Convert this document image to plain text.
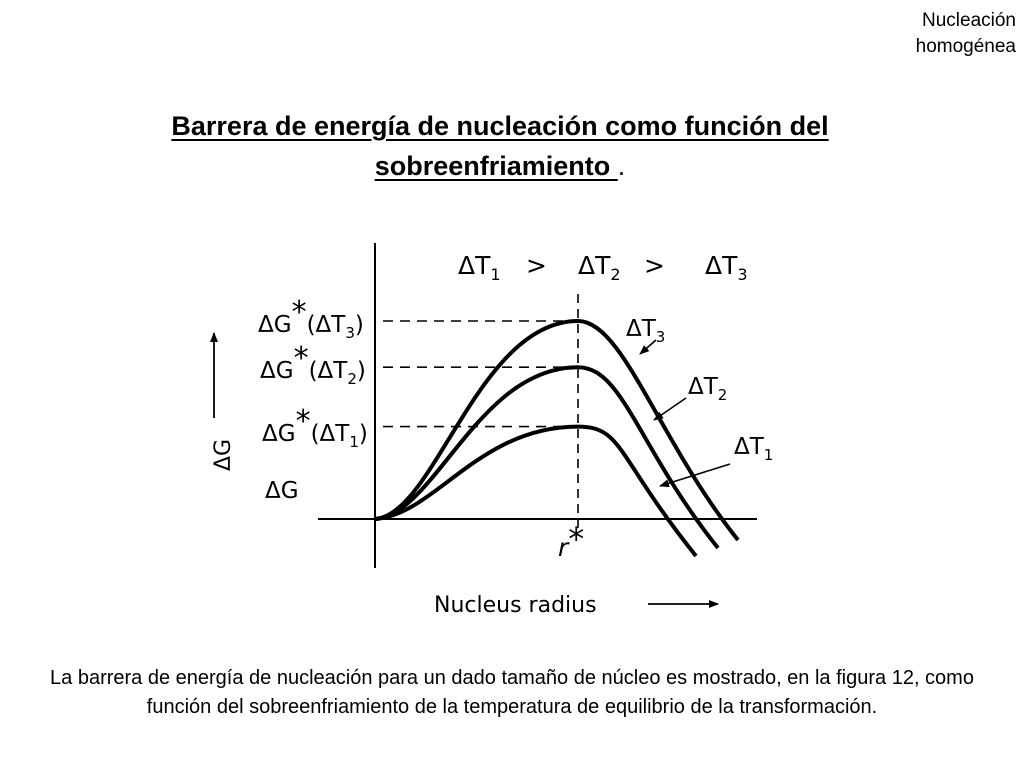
Nucleación
homogénea
Barrera de energía de nucleación como función del sobreenfriamiento .
$\Delta T_1 > \Delta T_2 > \Delta T_3$
$\Delta G*(\Delta T_3)$
$\Delta G*(\Delta T_2)$
$\Delta G*(\Delta T_1)$
ΔG
ΔG
r*
Nucleus radius
$\Delta T_3$
$\Delta T_2$
$\Delta T_1$
La barrera de energía de nucleación para un dado tamaño de núcleo es mostrado, en la figura 12, como función del sobreenfriamiento de la temperatura de equilibrio de la transformación.
